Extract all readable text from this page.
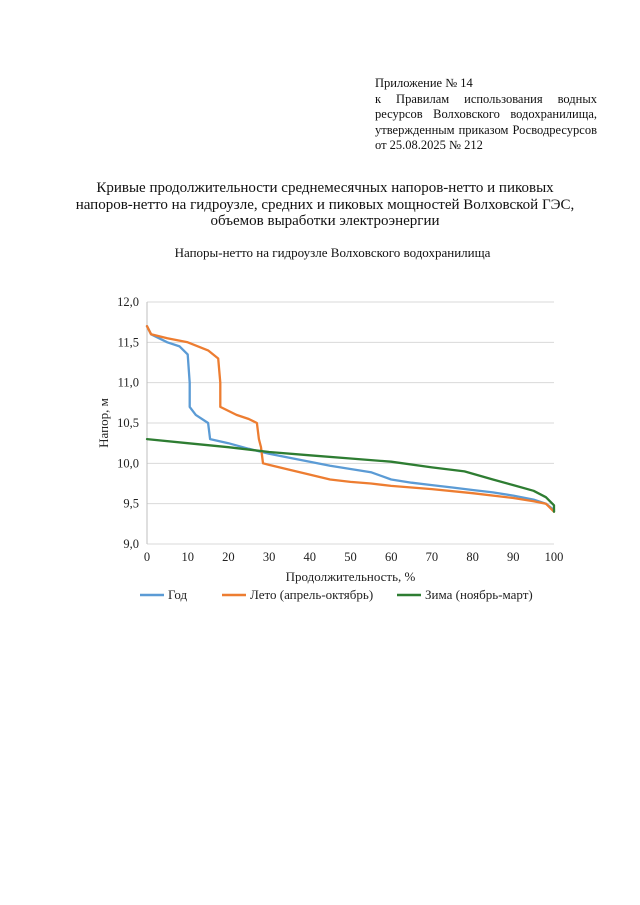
Приложение № 14
к Правилам использования водных
ресурсов Волховского водохранилища,
утвержденным приказом Росводресурсов
от 25.08.2025 № 212
Кривые продолжительности среднемесячных напоров-нетто и пиковых
напоров-нетто на гидроузле, средних и пиковых мощностей Волховской ГЭС,
объемов выработки электроэнергии
Напоры-нетто на гидроузле Волховского водохранилища
9,0
9,5
10,0
10,5
11,0
11,5
12,0
0	10 20 30 40 50 60 70 80 90 100
Продолжительность, %
Напор, м
Год	Лето (апрель-октябрь)	Зима (ноябрь-март)
